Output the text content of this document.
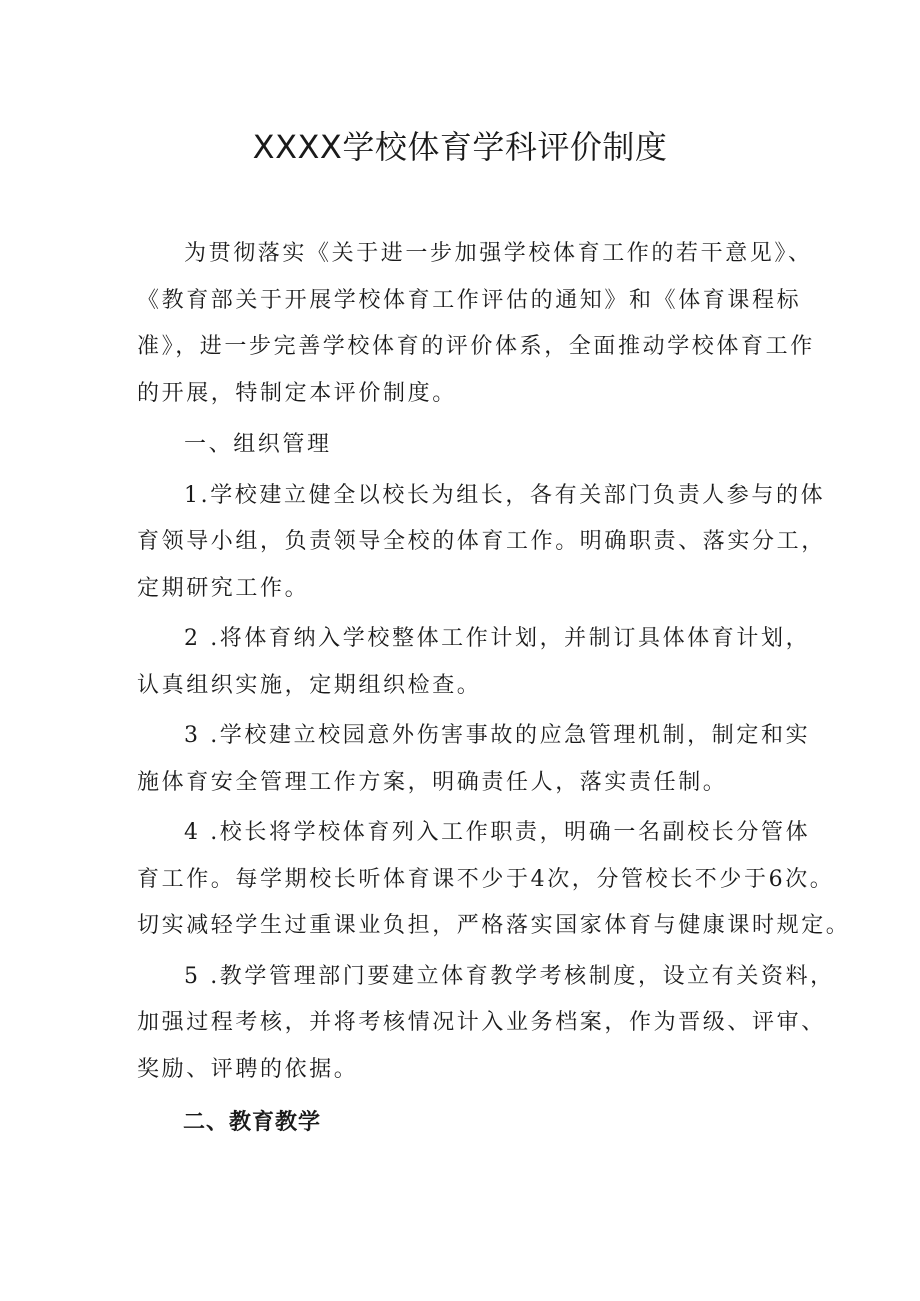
XXXX学校体育学科评价制度
为贯彻落实《关于进一步加强学校体育工作的若干意见》、
《教育部关于开展学校体育工作评估的通知》和《体育课程标
准》，进一步完善学校体育的评价体系，全面推动学校体育工作
的开展，特制定本评价制度。
一、组织管理
1.学校建立健全以校长为组长，各有关部门负责人参与的体
育领导小组，负责领导全校的体育工作。明确职责、落实分工，
定期研究工作。
2 .将体育纳入学校整体工作计划，并制订具体体育计划，
认真组织实施，定期组织检查。
3 .学校建立校园意外伤害事故的应急管理机制，制定和实
施体育安全管理工作方案，明确责任人，落实责任制。
4 .校长将学校体育列入工作职责，明确一名副校长分管体
育工作。每学期校长听体育课不少于4次，分管校长不少于6次。
切实减轻学生过重课业负担，严格落实国家体育与健康课时规定。
5 .教学管理部门要建立体育教学考核制度，设立有关资料，
加强过程考核，并将考核情况计入业务档案，作为晋级、评审、
奖励、评聘的依据。
二、教育教学
